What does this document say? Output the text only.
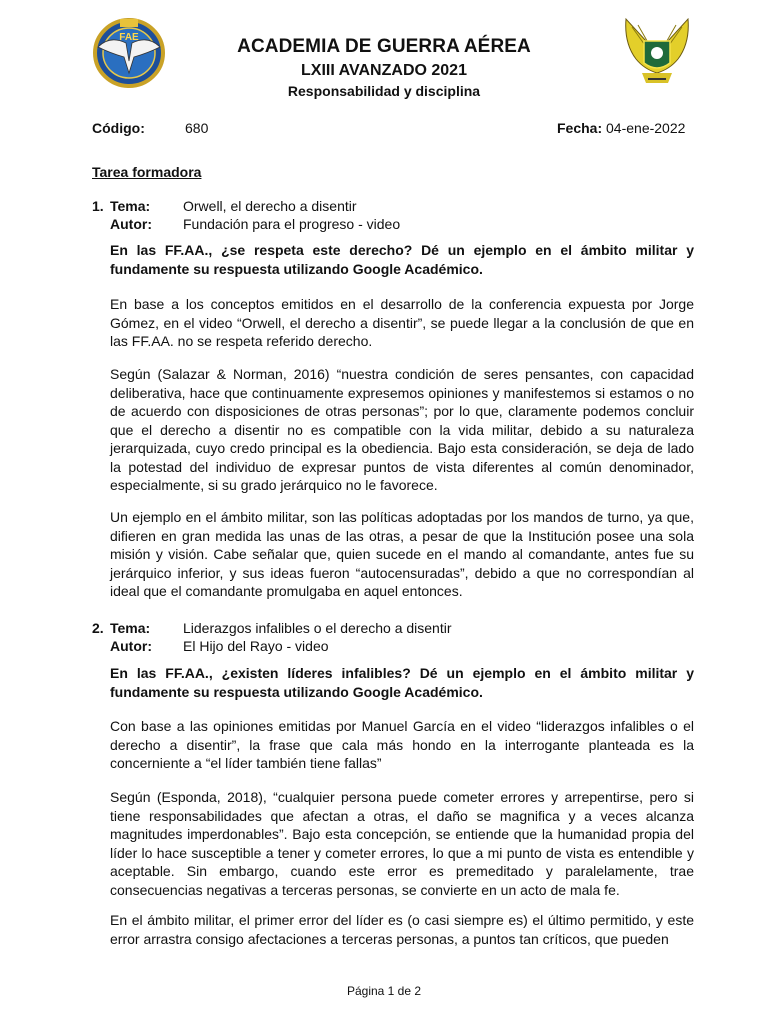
FAE	ACADEMIA DE GUERRA AÉREA
LXIII AVANZADO 2021
Responsabilidad y disciplina
Código:	680	Fecha: 04-ene-2022
Tarea formadora
1. Tema: Orwell, el derecho a disentir
Autor: Fundación para el progreso - video
En las FF.AA., ¿se respeta este derecho? Dé un ejemplo en el ámbito militar y fundamente su respuesta utilizando Google Académico.
En base a los conceptos emitidos en el desarrollo de la conferencia expuesta por Jorge Gómez, en el video “Orwell, el derecho a disentir”, se puede llegar a la conclusión de que en las FF.AA. no se respeta referido derecho.
Según (Salazar & Norman, 2016) “nuestra condición de seres pensantes, con capacidad deliberativa, hace que continuamente expresemos opiniones y manifestemos si estamos o no de acuerdo con disposiciones de otras personas”; por lo que, claramente podemos concluir que el derecho a disentir no es compatible con la vida militar, debido a su naturaleza jerarquizada, cuyo credo principal es la obediencia. Bajo esta consideración, se deja de lado la potestad del individuo de expresar puntos de vista diferentes al común denominador, especialmente, si su grado jerárquico no le favorece.
Un ejemplo en el ámbito militar, son las políticas adoptadas por los mandos de turno, ya que, difieren en gran medida las unas de las otras, a pesar de que la Institución posee una sola misión y visión. Cabe señalar que, quien sucede en el mando al comandante, antes fue su jerárquico inferior, y sus ideas fueron “autocensuradas”, debido a que no correspondían al ideal que el comandante promulgaba en aquel entonces.
2. Tema: Liderazgos infalibles o el derecho a disentir
Autor: El Hijo del Rayo - video
En las FF.AA., ¿existen líderes infalibles? Dé un ejemplo en el ámbito militar y fundamente su respuesta utilizando Google Académico.
Con base a las opiniones emitidas por Manuel García en el video “liderazgos infalibles o el derecho a disentir”, la frase que cala más hondo en la interrogante planteada es la concerniente a “el líder también tiene fallas”
Según (Esponda, 2018), “cualquier persona puede cometer errores y arrepentirse, pero si tiene responsabilidades que afectan a otras, el daño se magnifica y a veces alcanza magnitudes imperdonables”. Bajo esta concepción, se entiende que la humanidad propia del líder lo hace susceptible a tener y cometer errores, lo que a mi punto de vista es entendible y aceptable. Sin embargo, cuando este error es premeditado y paralelamente, trae consecuencias negativas a terceras personas, se convierte en un acto de mala fe.
En el ámbito militar, el primer error del líder es (o casi siempre es) el último permitido, y este error arrastra consigo afectaciones a terceras personas, a puntos tan críticos, que pueden
Página 1 de 2
